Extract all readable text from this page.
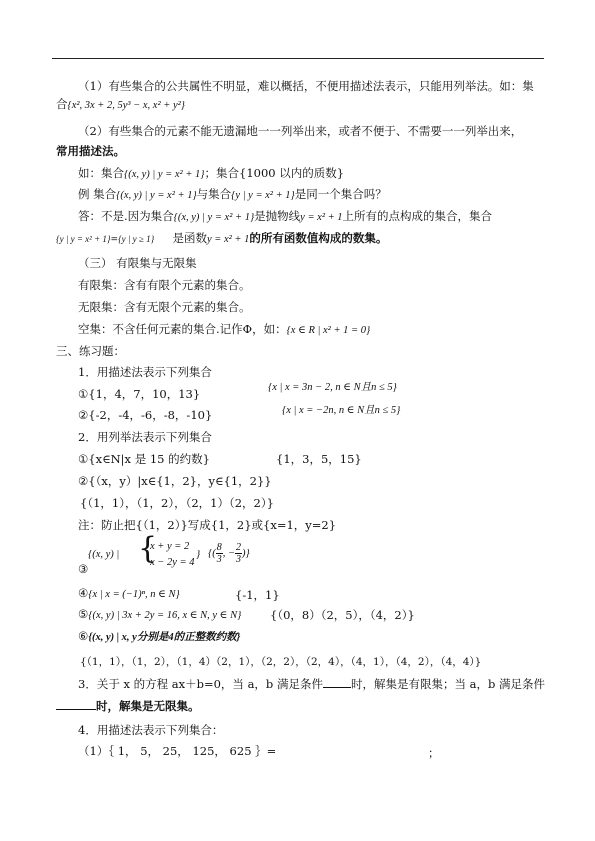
（1）有些集合的公共属性不明显，难以概括，不便用描述法表示，只能用列举法。如：集
合{x², 3x + 2, 5y³ − x, x² + y²}
（2）有些集合的元素不能无遗漏地一一列举出来，或者不便于、不需要一一列举出来，
常用描述法。
如：集合{(x, y) | y = x² + 1}；集合{1000 以内的质数}
例 集合{(x, y) | y = x² + 1}与集合{y | y = x² + 1}是同一个集合吗？
答：不是.因为集合{(x, y) | y = x² + 1}是抛物线y = x² + 1上所有的点构成的集合，集合
{y | y = x² + 1}={y | y ≥ 1} 是函数y = x² + 1的所有函数值构成的数集。
（三） 有限集与无限集
有限集：含有有限个元素的集合。
无限集：含有无限个元素的集合。
空集：不含任何元素的集合.记作Φ，如：{x ∈ R | x² + 1 = 0}
三、练习题：
1．用描述法表示下列集合
①{1，4，7，10，13}	{x | x = 3n − 2, n ∈ N且n ≤ 5}
②{-2，-4，-6，-8，-10}	{x | x = −2n, n ∈ N且n ≤ 5}
2．用列举法表示下列集合
①{x∈N|x 是 15 的约数}	{1，3，5，15}
②{（x，y）|x∈{1，2}，y∈{1，2}}
{（1，1），（1，2），（2，1）（2，2）}
注：防止把{（1，2）}写成{1，2}或{x=1，y=2}
{(x, y) | {
x + y = 2
x − 2y = 4
} {( $\frac{8}{3}$ , − $\frac{2}{3}$ )}
③
④{x | x = (−1)ⁿ, n ∈ N}	{-1，1}
⑤{(x, y) | 3x + 2y = 16, x ∈ N, y ∈ N} {（0，8）（2，5），（4，2）}
⑥{(x, y) | x, y分别是4的正整数约数}
{（1，1），（1，2），（1，4）（2，1），（2，2），（2，4），（4，1），（4，2），（4，4）}
3．关于 x 的方程 ax＋b=0，当 a，b 满足条件 时，解集是有限集；当 a，b 满足条件
时，解集是无限集。
4．用描述法表示下列集合：
（1）｛ 1， 5， 25， 125， 625 ｝=	；
